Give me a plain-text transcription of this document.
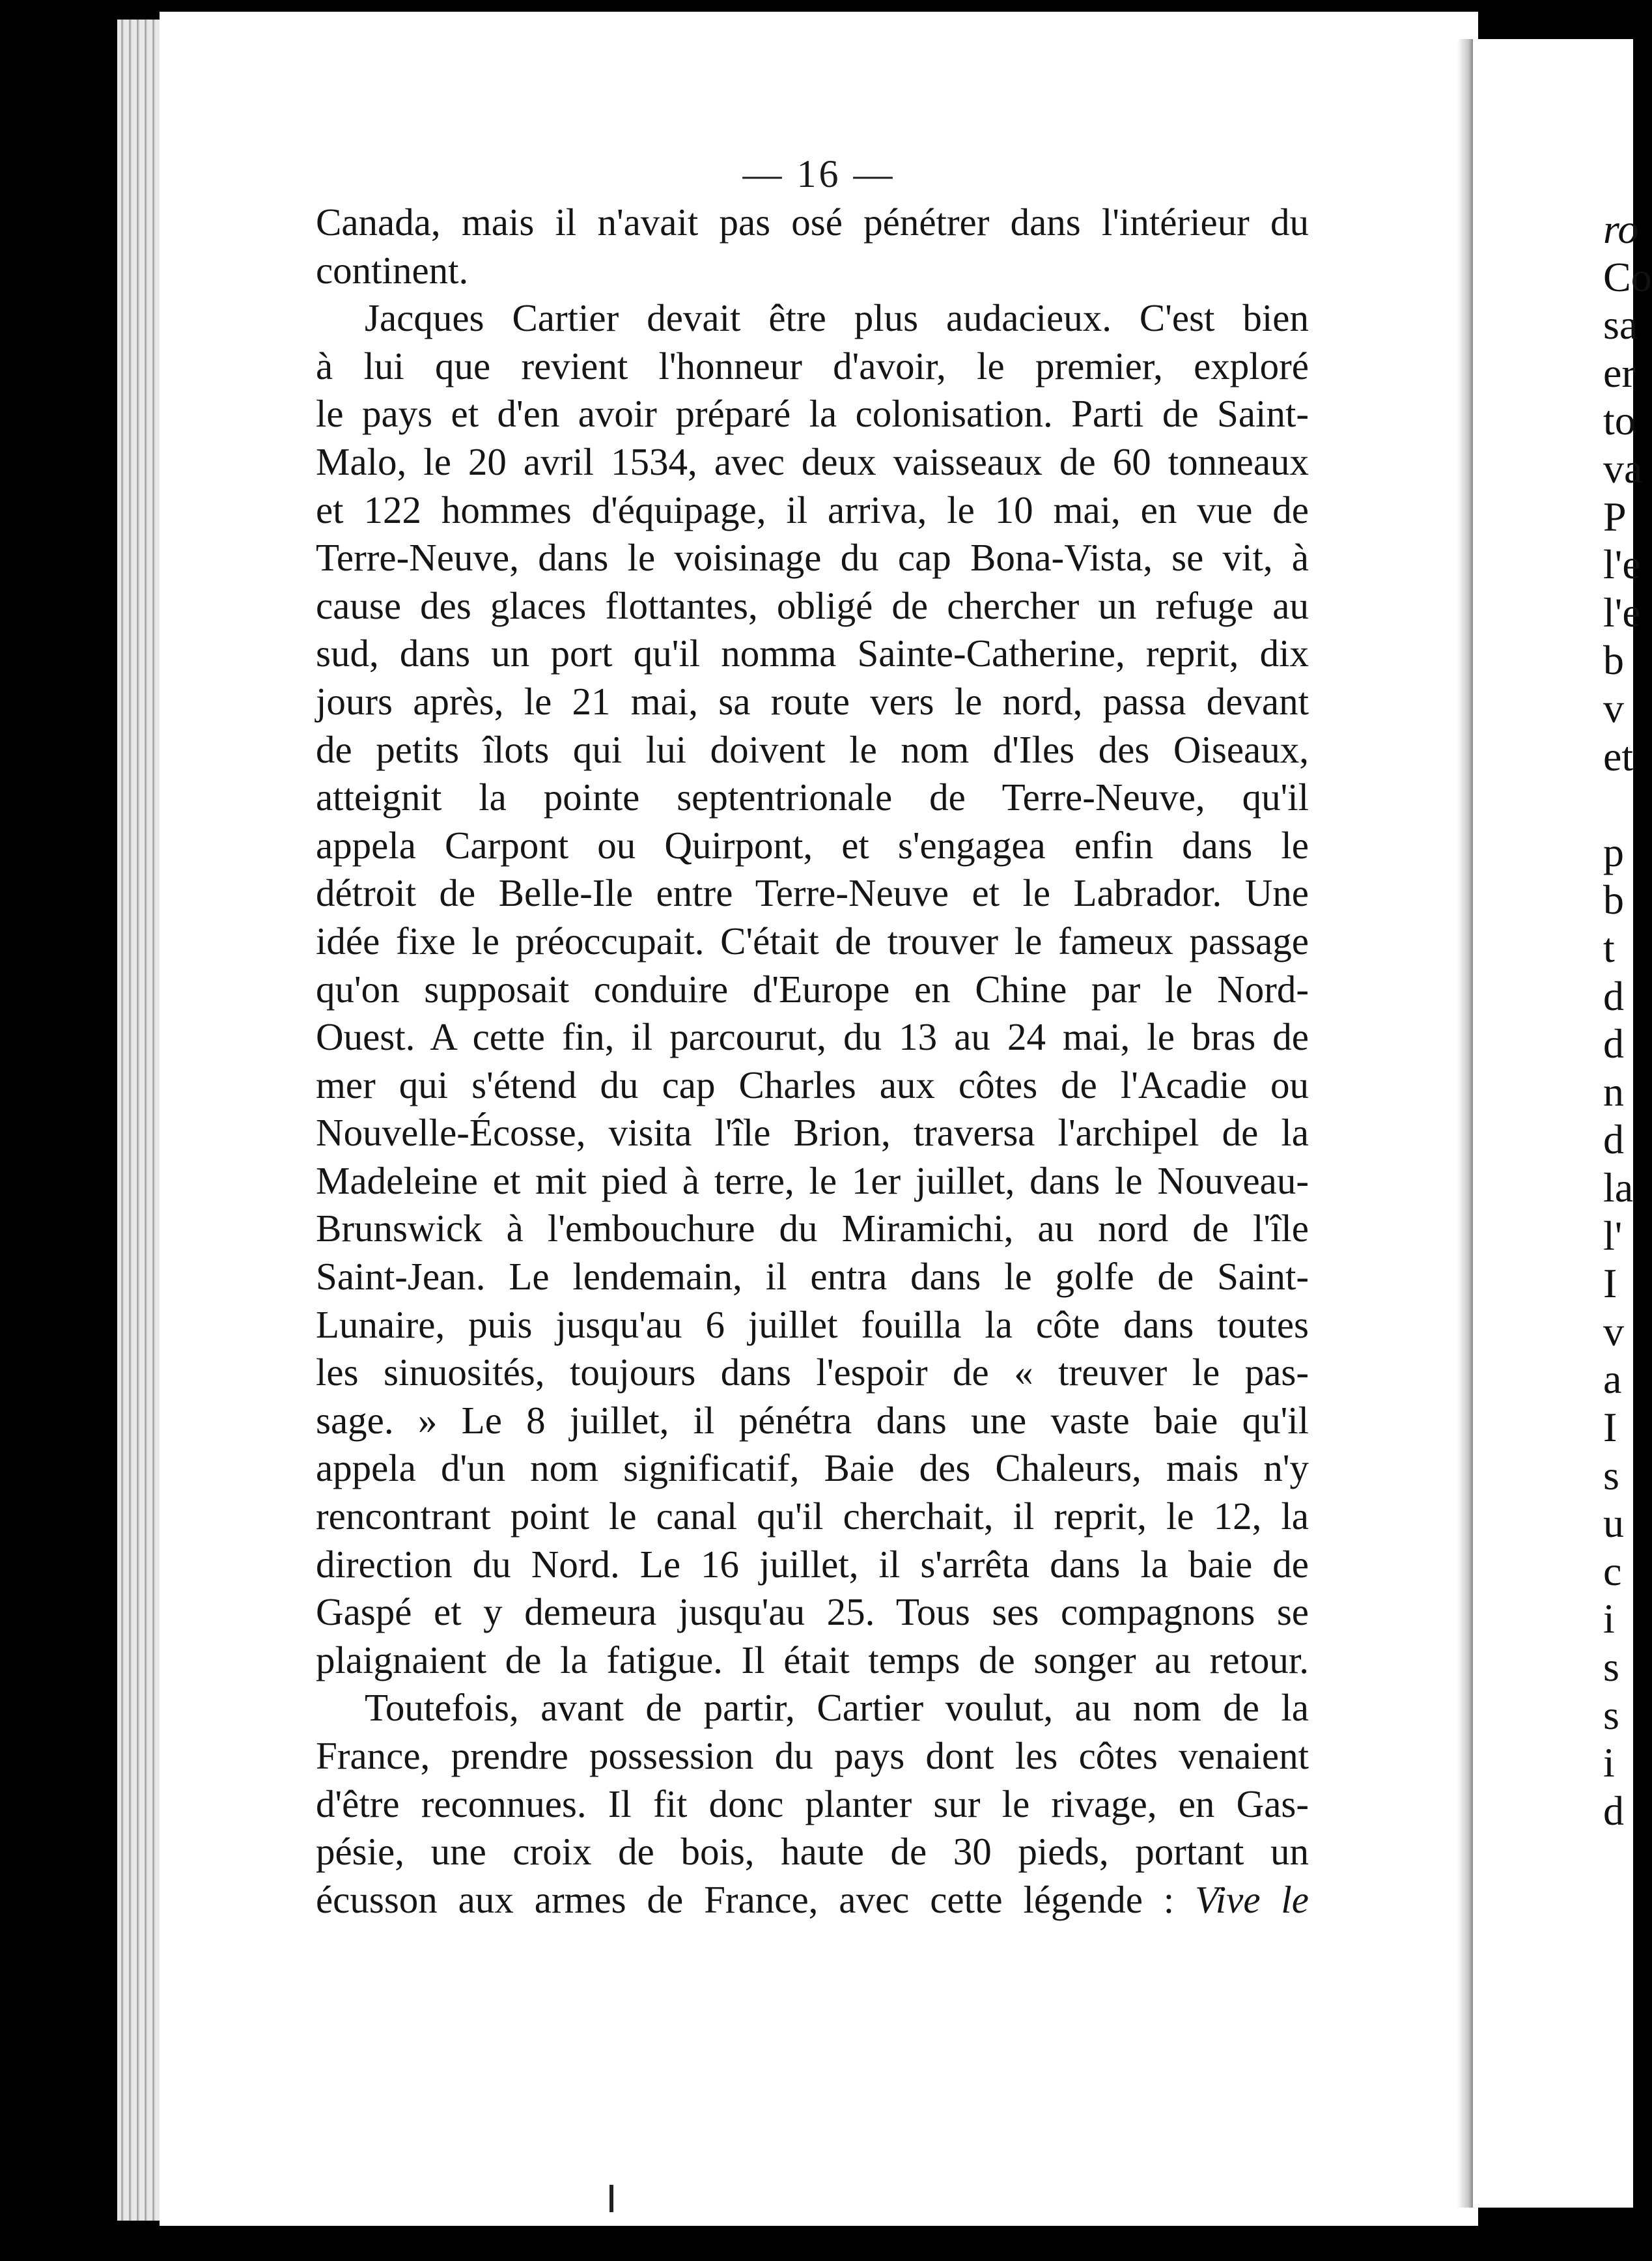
— 16 —
Canada, mais il n'avait pas osé pénétrer dans l'intérieur du
continent.
Jacques Cartier devait être plus audacieux. C'est bien
à lui que revient l'honneur d'avoir, le premier, exploré
le pays et d'en avoir préparé la colonisation. Parti de Saint-
Malo, le 20 avril 1534, avec deux vaisseaux de 60 tonneaux
et 122 hommes d'équipage, il arriva, le 10 mai, en vue de
Terre-Neuve, dans le voisinage du cap Bona-Vista, se vit, à
cause des glaces flottantes, obligé de chercher un refuge au
sud, dans un port qu'il nomma Sainte-Catherine, reprit, dix
jours après, le 21 mai, sa route vers le nord, passa devant
de petits îlots qui lui doivent le nom d'Iles des Oiseaux,
atteignit la pointe septentrionale de Terre-Neuve, qu'il
appela Carpont ou Quirpont, et s'engagea enfin dans le
détroit de Belle-Ile entre Terre-Neuve et le Labrador. Une
idée fixe le préoccupait. C'était de trouver le fameux passage
qu'on supposait conduire d'Europe en Chine par le Nord-
Ouest. A cette fin, il parcourut, du 13 au 24 mai, le bras de
mer qui s'étend du cap Charles aux côtes de l'Acadie ou
Nouvelle-Écosse, visita l'île Brion, traversa l'archipel de la
Madeleine et mit pied à terre, le 1er juillet, dans le Nouveau-
Brunswick à l'embouchure du Miramichi, au nord de l'île
Saint-Jean. Le lendemain, il entra dans le golfe de Saint-
Lunaire, puis jusqu'au 6 juillet fouilla la côte dans toutes
les sinuosités, toujours dans l'espoir de « treuver le pas-
sage. » Le 8 juillet, il pénétra dans une vaste baie qu'il
appela d'un nom significatif, Baie des Chaleurs, mais n'y
rencontrant point le canal qu'il cherchait, il reprit, le 12, la
direction du Nord. Le 16 juillet, il s'arrêta dans la baie de
Gaspé et y demeura jusqu'au 25. Tous ses compagnons se
plaignaient de la fatigue. Il était temps de songer au retour.
Toutefois, avant de partir, Cartier voulut, au nom de la
France, prendre possession du pays dont les côtes venaient
d'être reconnues. Il fit donc planter sur le rivage, en Gas-
pésie, une croix de bois, haute de 30 pieds, portant un
écusson aux armes de France, avec cette légende : Vive le
ro
Co
sa
er
to
va
P
l'e
l'e
b
v
et
p
b
t
d
d
n
d
la
l'
I
v
a
I
s
u
c
i
s
s
i
d
